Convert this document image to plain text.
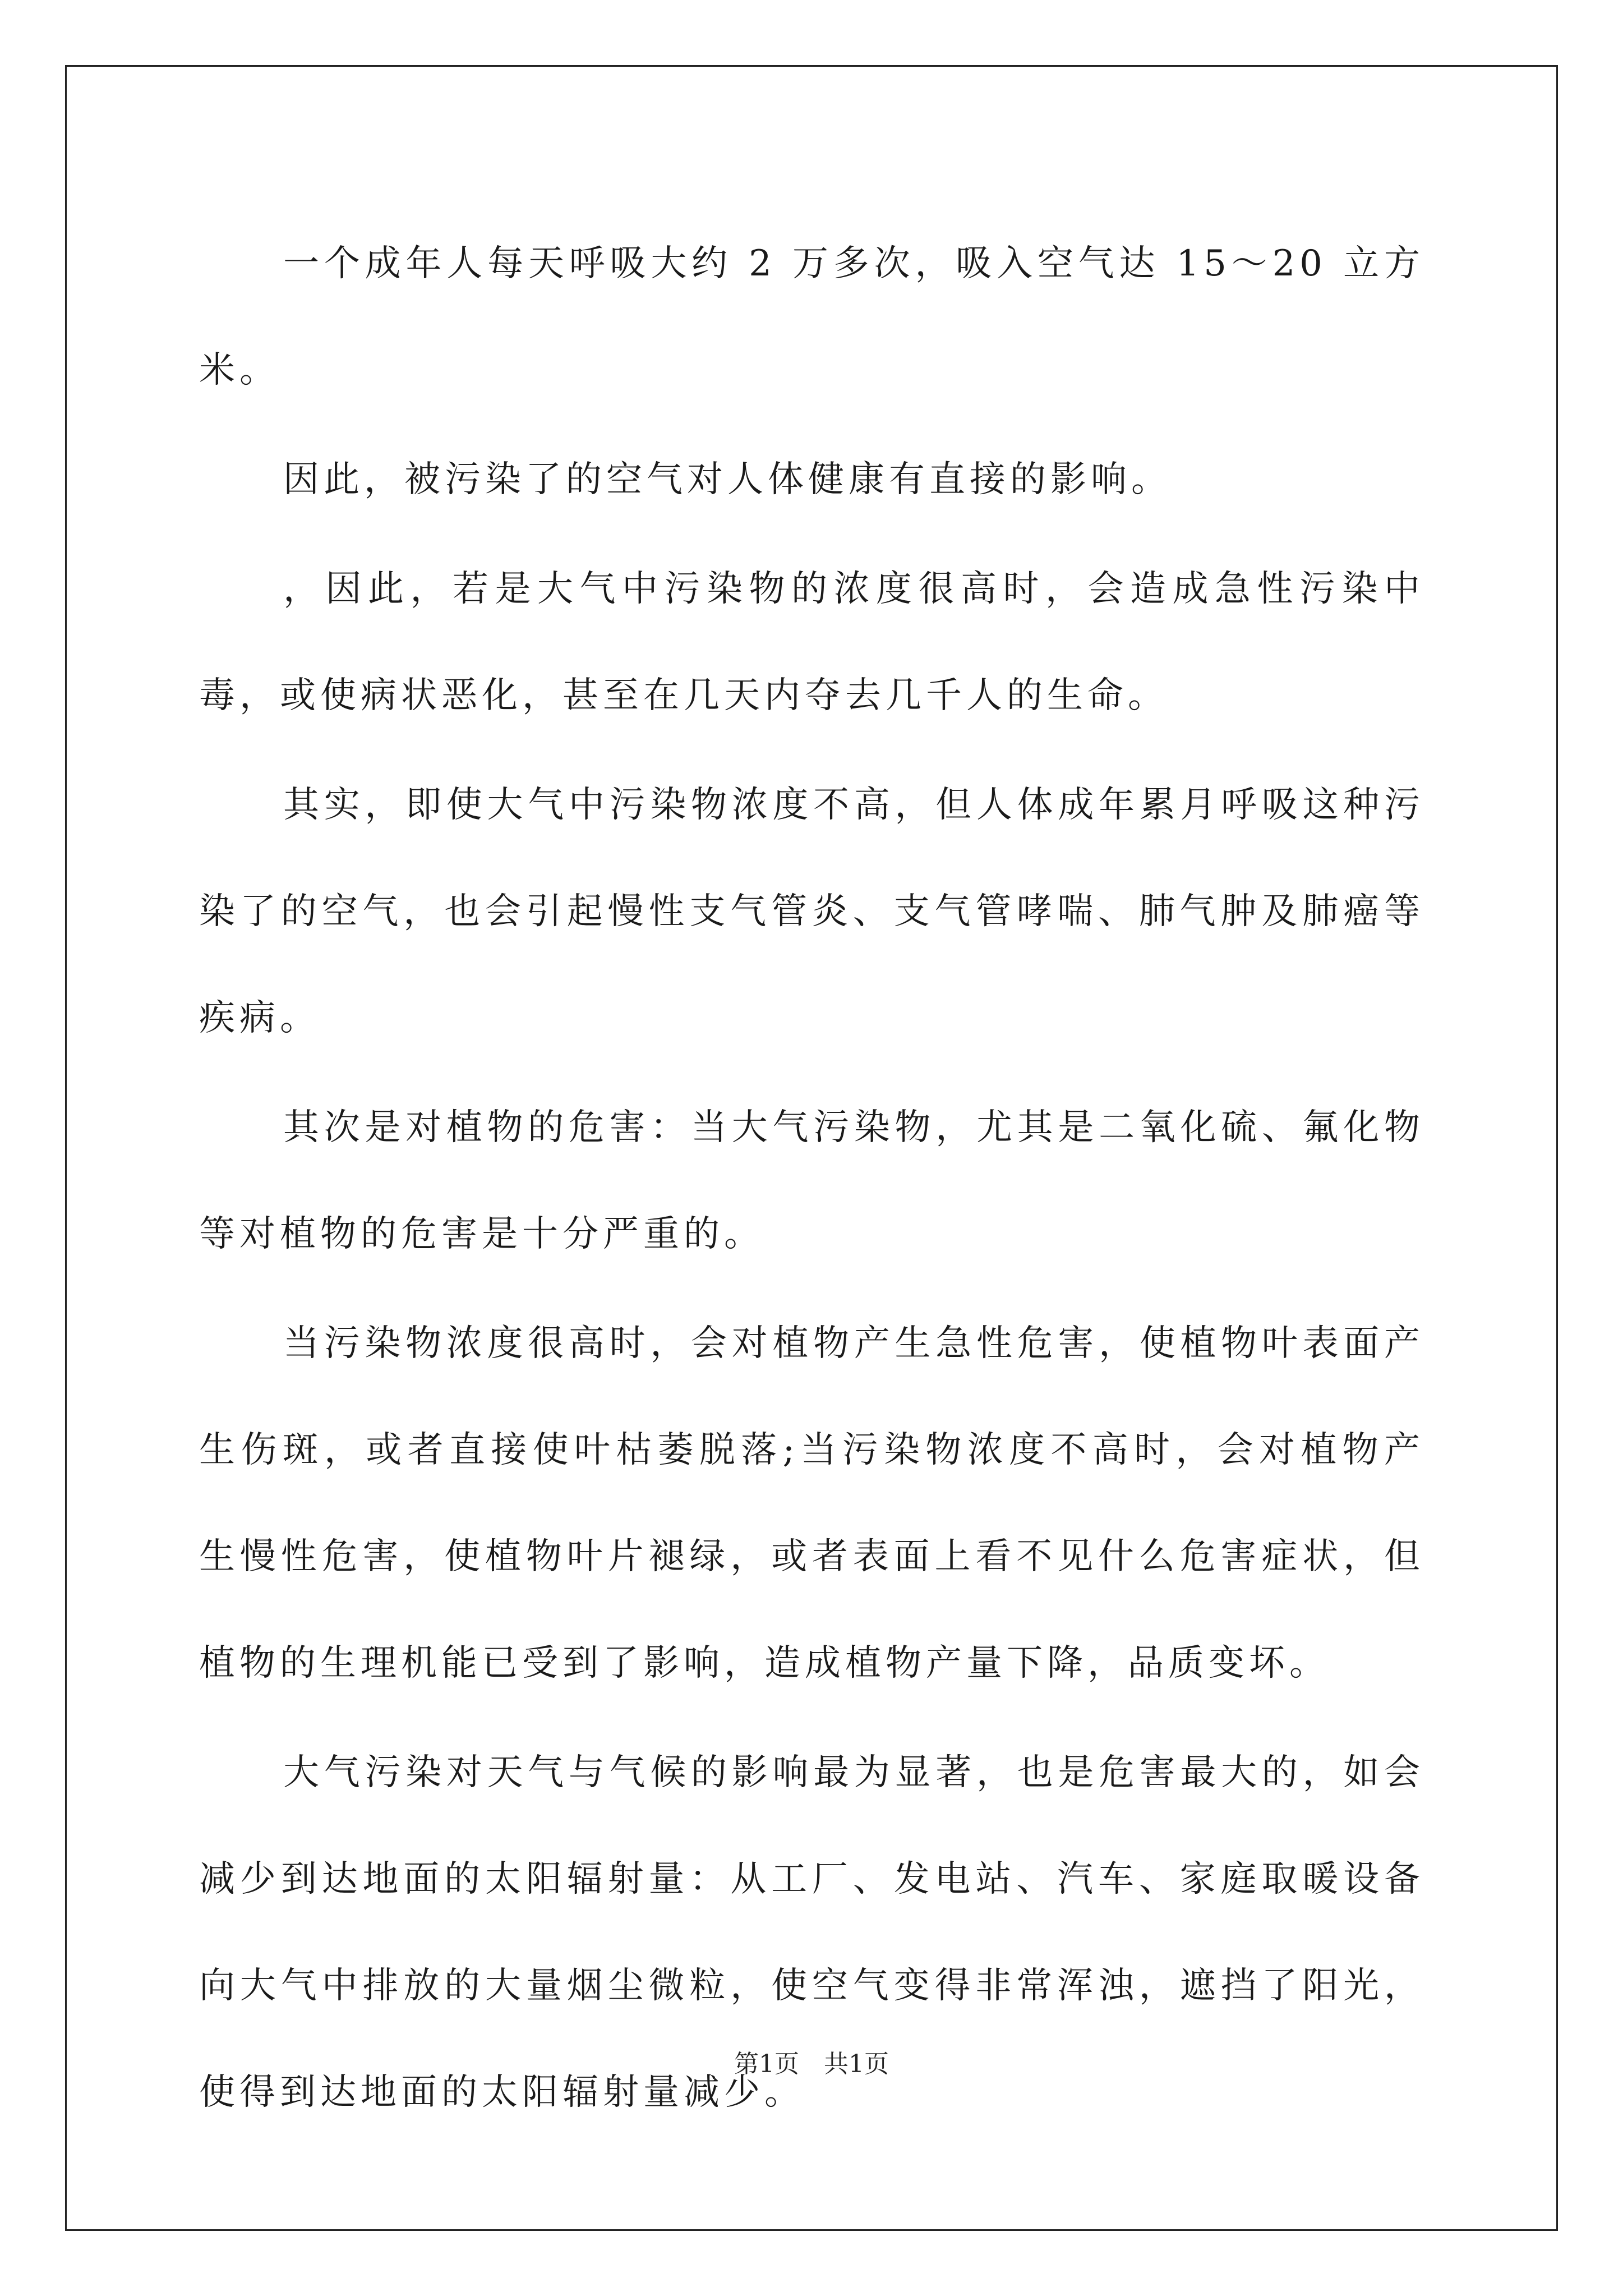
一个成年人每天呼吸大约 2 万多次，吸入空气达 15～20 立方米。

因此，被污染了的空气对人体健康有直接的影响。

，因此，若是大气中污染物的浓度很高时，会造成急性污染中毒，或使病状恶化，甚至在几天内夺去几千人的生命。

其实，即使大气中污染物浓度不高，但人体成年累月呼吸这种污染了的空气，也会引起慢性支气管炎、支气管哮喘、肺气肿及肺癌等疾病。

其次是对植物的危害：当大气污染物，尤其是二氧化硫、氟化物等对植物的危害是十分严重的。

当污染物浓度很高时，会对植物产生急性危害，使植物叶表面产生伤斑，或者直接使叶枯萎脱落;当污染物浓度不高时，会对植物产生慢性危害，使植物叶片褪绿，或者表面上看不见什么危害症状，但植物的生理机能已受到了影响，造成植物产量下降，品质变坏。

大气污染对天气与气候的影响最为显著，也是危害最大的，如会减少到达地面的太阳辐射量：从工厂、发电站、汽车、家庭取暖设备向大气中排放的大量烟尘微粒，使空气变得非常浑浊，遮挡了阳光，使得到达地面的太阳辐射量减少。

第1页　共1页
